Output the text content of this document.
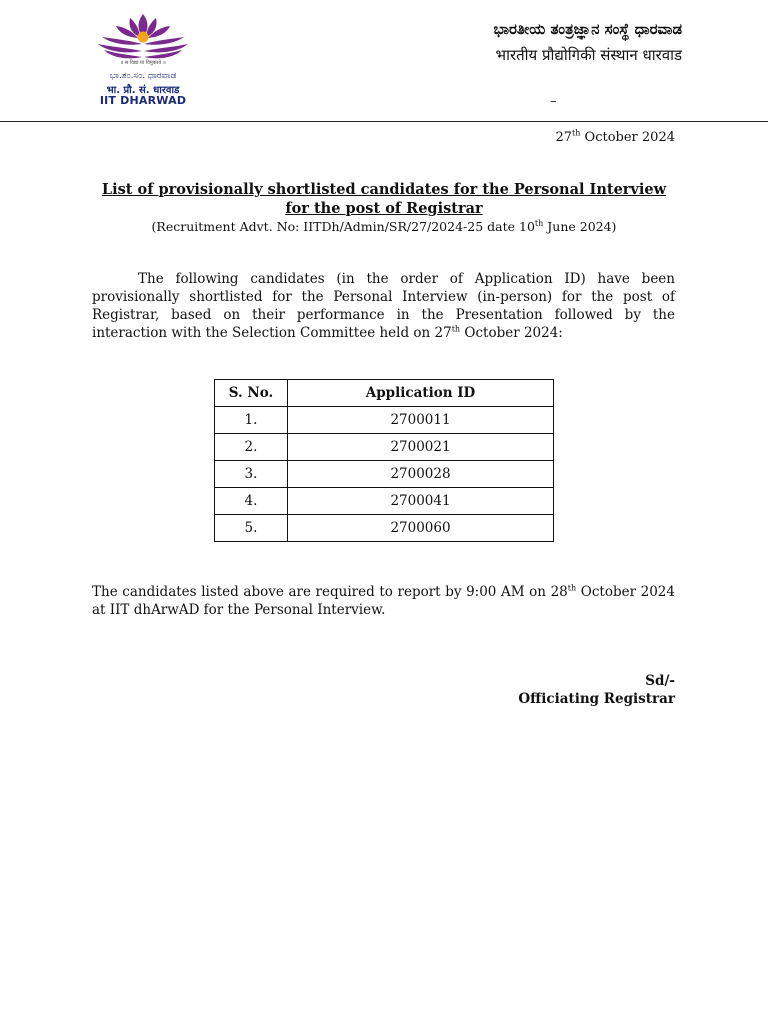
॥ स विद्या या विमुक्तये ॥
ಭಾ.ತಂ.ಸಂ. ಧಾರವಾಡ
भा. प्रौ. सं. धारवाड
IIT DHARWAD
ಭಾರತೀಯ ತಂತ್ರಜ್ಞಾನ ಸಂಸ್ಥೆ ಧಾರವಾಡ
भारतीय प्रौद्योगिकी संस्थान धारवाड
–
27th October 2024
List of provisionally shortlisted candidates for the Personal Interview for the post of Registrar
(Recruitment Advt. No: IITDh/Admin/SR/27/2024-25 date 10th June 2024)
The following candidates (in the order of Application ID) have been provisionally shortlisted for the Personal Interview (in-person) for the post of Registrar, based on their performance in the Presentation followed by the interaction with the Selection Committee held on 27th October 2024:
S. No.	Application ID
1.	2700011
2.	2700021
3.	2700028
4.	2700041
5.	2700060
The candidates listed above are required to report by 9:00 AM on 28th October 2024 at IIT dhArwAD for the Personal Interview.
Sd/-
Officiating Registrar
